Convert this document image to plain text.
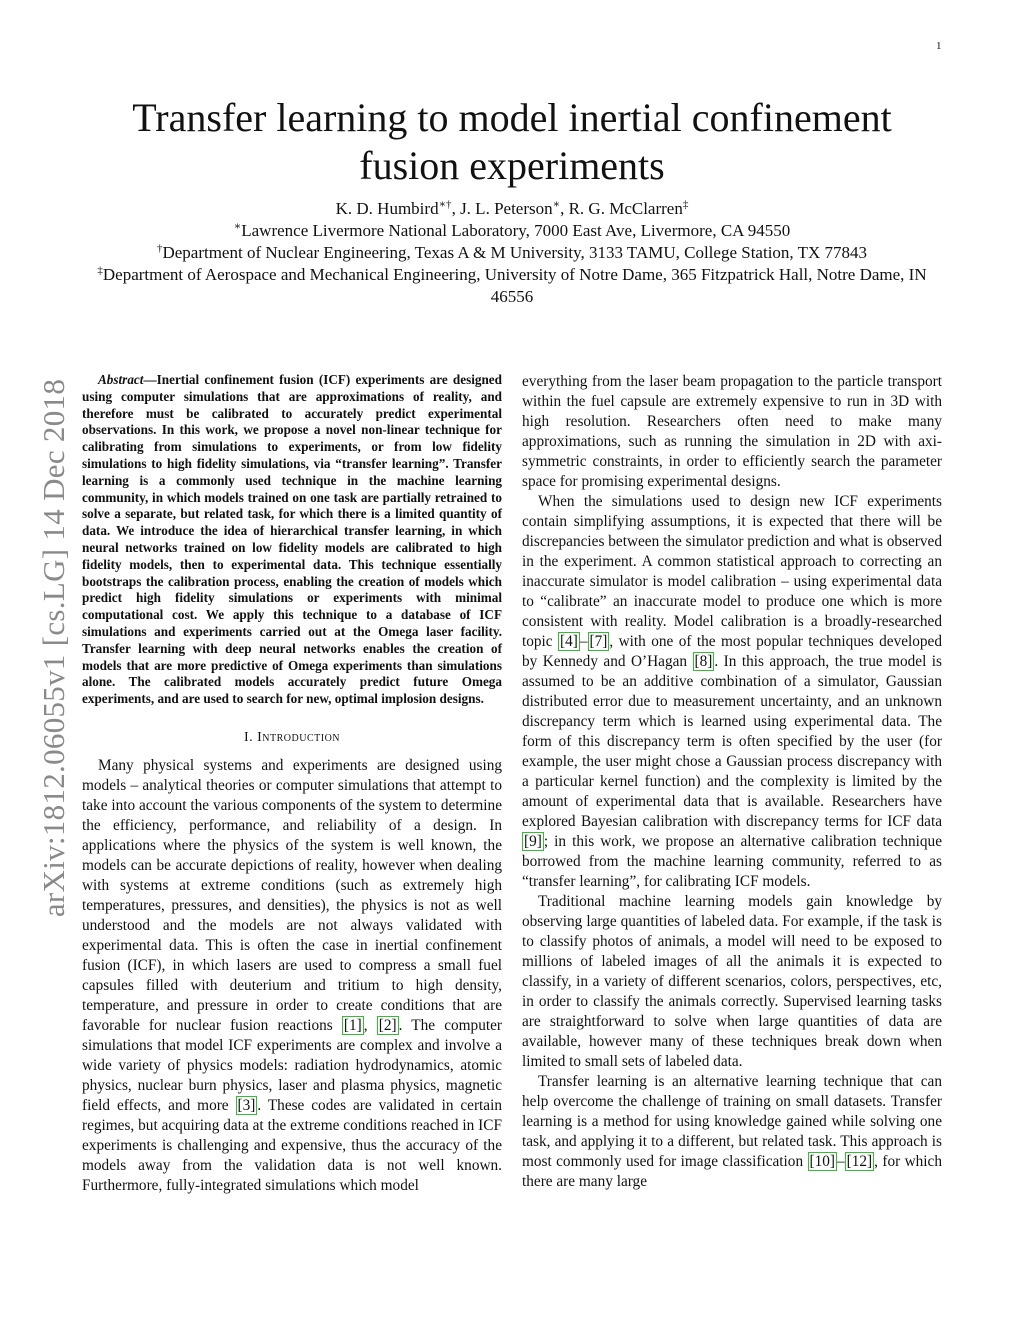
1
arXiv:1812.06055v1 [cs.LG] 14 Dec 2018
Transfer learning to model inertial confinement fusion experiments
K. D. Humbird∗†, J. L. Peterson∗, R. G. McClarren‡
∗Lawrence Livermore National Laboratory, 7000 East Ave, Livermore, CA 94550
†Department of Nuclear Engineering, Texas A & M University, 3133 TAMU, College Station, TX 77843
‡Department of Aerospace and Mechanical Engineering, University of Notre Dame, 365 Fitzpatrick Hall, Notre Dame, IN 46556

Abstract—Inertial confinement fusion (ICF) experiments are designed using computer simulations that are approximations of reality, and therefore must be calibrated to accurately predict experimental observations. In this work, we propose a novel non-linear technique for calibrating from simulations to experiments, or from low fidelity simulations to high fidelity simulations, via “transfer learning”. Transfer learning is a commonly used technique in the machine learning community, in which models trained on one task are partially retrained to solve a separate, but related task, for which there is a limited quantity of data. We introduce the idea of hierarchical transfer learning, in which neural networks trained on low fidelity models are calibrated to high fidelity models, then to experimental data. This technique essentially bootstraps the calibration process, enabling the creation of models which predict high fidelity simulations or experiments with minimal computational cost. We apply this technique to a database of ICF simulations and experiments carried out at the Omega laser facility. Transfer learning with deep neural networks enables the creation of models that are more predictive of Omega experiments than simulations alone. The calibrated models accurately predict future Omega experiments, and are used to search for new, optimal implosion designs.

I. Introduction

Many physical systems and experiments are designed using models – analytical theories or computer simulations that attempt to take into account the various components of the system to determine the efficiency, performance, and reliability of a design. In applications where the physics of the system is well known, the models can be accurate depictions of reality, however when dealing with systems at extreme conditions (such as extremely high temperatures, pressures, and densities), the physics is not as well understood and the models are not always validated with experimental data. This is often the case in inertial confinement fusion (ICF), in which lasers are used to compress a small fuel capsules filled with deuterium and tritium to high density, temperature, and pressure in order to create conditions that are favorable for nuclear fusion reactions [1] , [2] . The computer simulations that model ICF experiments are complex and involve a wide variety of physics models: radiation hydrodynamics, atomic physics, nuclear burn physics, laser and plasma physics, magnetic field effects, and more [3] . These codes are validated in certain regimes, but acquiring data at the extreme conditions reached in ICF experiments is challenging and expensive, thus the accuracy of the models away from the validation data is not well known. Furthermore, fully-integrated simulations which model

everything from the laser beam propagation to the particle transport within the fuel capsule are extremely expensive to run in 3D with high resolution. Researchers often need to make many approximations, such as running the simulation in 2D with axi-symmetric constraints, in order to efficiently search the parameter space for promising experimental designs.

When the simulations used to design new ICF experiments contain simplifying assumptions, it is expected that there will be discrepancies between the simulator prediction and what is observed in the experiment. A common statistical approach to correcting an inaccurate simulator is model calibration – using experimental data to “calibrate” an inaccurate model to produce one which is more consistent with reality. Model calibration is a broadly-researched topic [4] – [7] , with one of the most popular techniques developed by Kennedy and O’Hagan [8] . In this approach, the true model is assumed to be an additive combination of a simulator, Gaussian distributed error due to measurement uncertainty, and an unknown discrepancy term which is learned using experimental data. The form of this discrepancy term is often specified by the user (for example, the user might chose a Gaussian process discrepancy with a particular kernel function) and the complexity is limited by the amount of experimental data that is available. Researchers have explored Bayesian calibration with discrepancy terms for ICF data [9] ; in this work, we propose an alternative calibration technique borrowed from the machine learning community, referred to as “transfer learning”, for calibrating ICF models.

Traditional machine learning models gain knowledge by observing large quantities of labeled data. For example, if the task is to classify photos of animals, a model will need to be exposed to millions of labeled images of all the animals it is expected to classify, in a variety of different scenarios, colors, perspectives, etc, in order to classify the animals correctly. Supervised learning tasks are straightforward to solve when large quantities of data are available, however many of these techniques break down when limited to small sets of labeled data.

Transfer learning is an alternative learning technique that can help overcome the challenge of training on small datasets. Transfer learning is a method for using knowledge gained while solving one task, and applying it to a different, but related task. This approach is most commonly used for image classification [10] – [12] , for which there are many large
